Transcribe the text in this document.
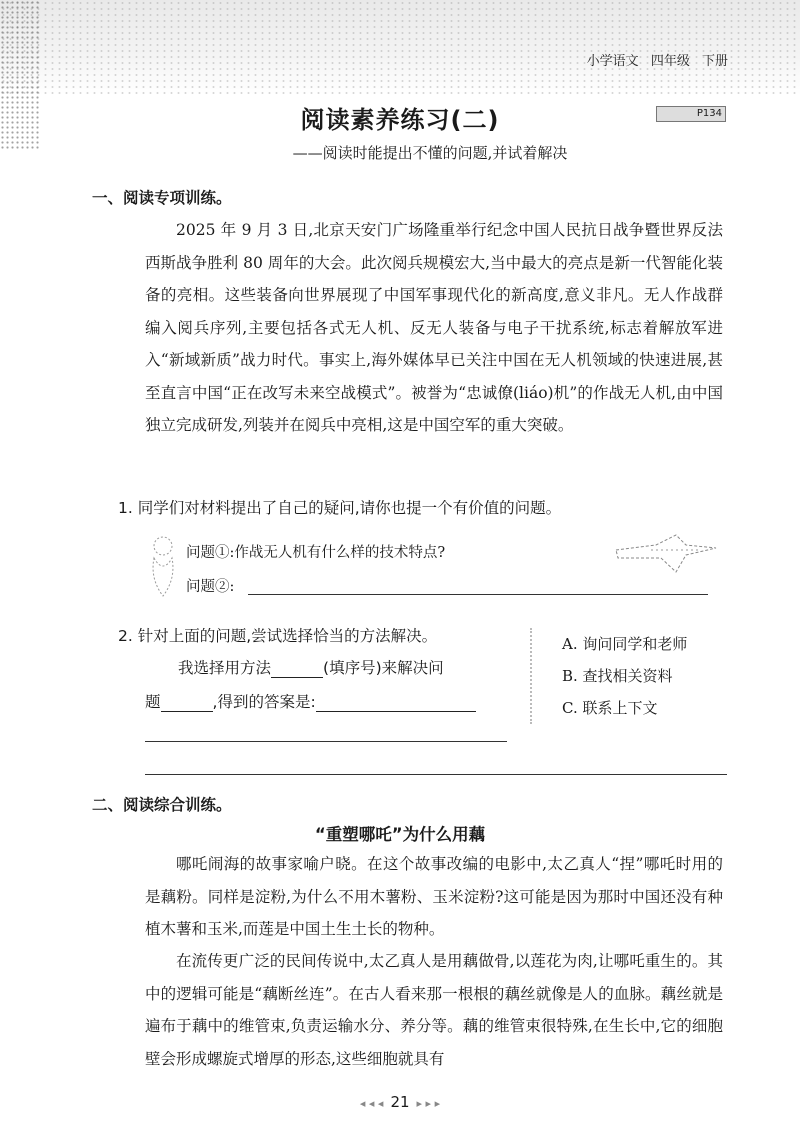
小学语文 四年级 下册
阅读素养练习(二)	P134
——阅读时能提出不懂的问题,并试着解决
一、阅读专项训练。

2025 年 9 月 3 日,北京天安门广场隆重举行纪念中国人民抗日战争暨世界反法西斯战争胜利 80 周年的大会。此次阅兵规模宏大,当中最大的亮点是新一代智能化装备的亮相。这些装备向世界展现了中国军事现代化的新高度,意义非凡。无人作战群编入阅兵序列,主要包括各式无人机、反无人装备与电子干扰系统,标志着解放军进入“新域新质”战力时代。事实上,海外媒体早已关注中国在无人机领域的快速进展,甚至直言中国“正在改写未来空战模式”。被誉为“忠诚僚(liáo)机”的作战无人机,由中国独立完成研发,列装并在阅兵中亮相,这是中国空军的重大突破。

1. 同学们对材料提出了自己的疑问,请你也提一个有价值的问题。
问题①:作战无人机有什么样的技术特点?
问题②:
2. 针对上面的问题,尝试选择恰当的方法解决。
我选择用方法	(填序号)来解决问
题	,得到的答案是:
A. 询问同学和老师
B. 查找相关资料
C. 联系上下文
二、阅读综合训练。
“重塑哪吒”为什么用藕

哪吒闹海的故事家喻户晓。在这个故事改编的电影中,太乙真人“捏”哪吒时用的是藕粉。同样是淀粉,为什么不用木薯粉、玉米淀粉?这可能是因为那时中国还没有种植木薯和玉米,而莲是中国土生土长的物种。

在流传更广泛的民间传说中,太乙真人是用藕做骨,以莲花为肉,让哪吒重生的。其中的逻辑可能是“藕断丝连”。在古人看来那一根根的藕丝就像是人的血脉。藕丝就是遍布于藕中的维管束,负责运输水分、养分等。藕的维管束很特殊,在生长中,它的细胞壁会形成螺旋式增厚的形态,这些细胞就具有

◂ ◂ ◂  21  ▸ ▸ ▸
